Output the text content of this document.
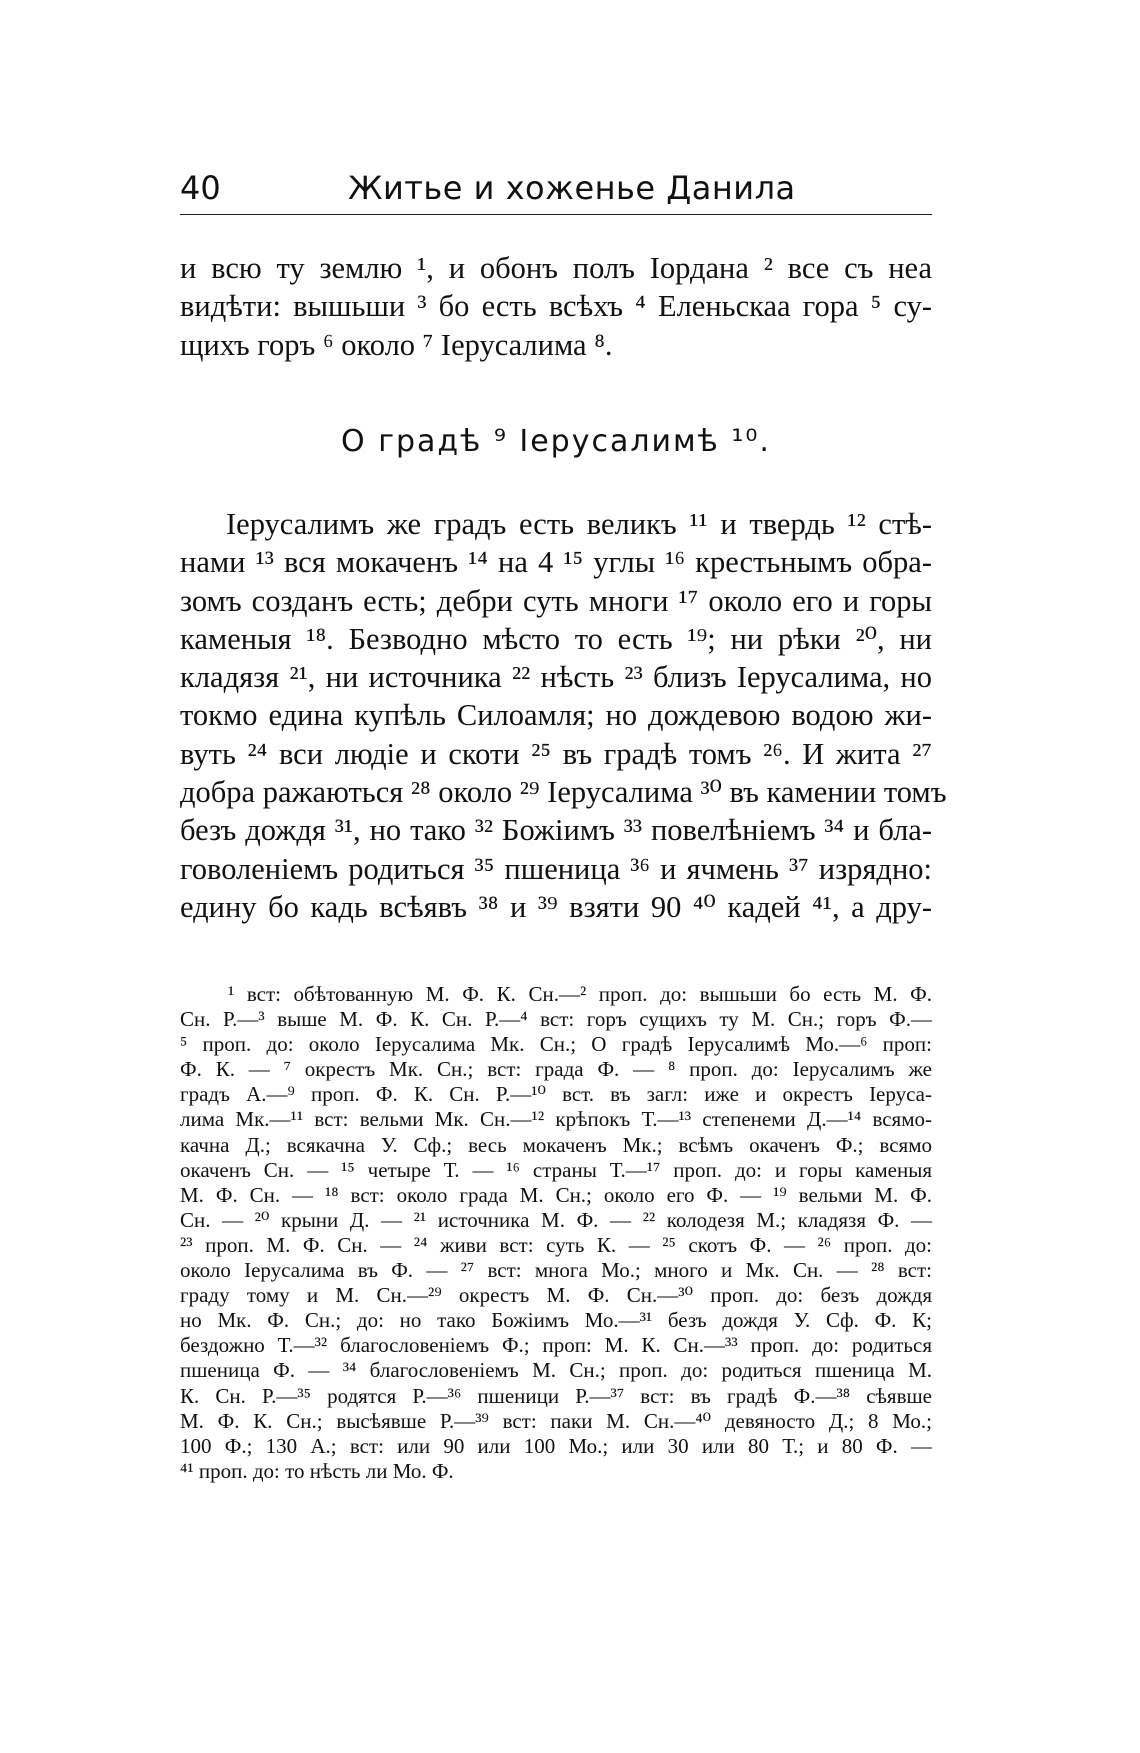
40	Житье и хоженье Данила
и всю ту землю ¹, и обонъ полъ Іордана ² все съ неа
видѣти: вышьши ³ бо есть всѣхъ ⁴ Еленьскаа гора ⁵ су-
щихъ горъ ⁶ около ⁷ Іерусалима ⁸.
О градѣ ⁹ Іерусалимѣ ¹⁰.
Іерусалимъ же градъ есть великъ ¹¹ и твердь ¹² стѣ-
нами ¹³ вся мокаченъ ¹⁴ на 4 ¹⁵ углы ¹⁶ крестьнымъ обра-
зомъ созданъ есть; дебри суть многи ¹⁷ около его и горы
каменыя ¹⁸. Безводно мѣсто то есть ¹⁹; ни рѣки ²⁰, ни
кладязя ²¹, ни источника ²² нѣсть ²³ близъ Іерусалима, но
токмо едина купѣль Силоамля; но дождевою водою жи-
вуть ²⁴ вси людіе и скоти ²⁵ въ градѣ томъ ²⁶. И жита ²⁷
добра ражаються ²⁸ около ²⁹ Іерусалима ³⁰ въ камении томъ
безъ дождя ³¹, но тако ³² Божіимъ ³³ повелѣніемъ ³⁴ и бла-
говоленіемъ родиться ³⁵ пшеница ³⁶ и ячмень ³⁷ изрядно:
едину бо кадь всѣявъ ³⁸ и ³⁹ взяти 90 ⁴⁰ кадей ⁴¹, а дру-
¹ вст: обѣтованную М. Ф. К. Сн.—² проп. до: вышьши бо есть М. Ф.
Сн. Р.—³ выше М. Ф. К. Сн. Р.—⁴ вст: горъ сущихъ ту М. Сн.; горъ Ф.—
⁵ проп. до: около Іерусалима Мк. Сн.; О градѣ Іерусалимѣ Мо.—⁶ проп:
Ф. К. — ⁷ окрестъ Мк. Сн.; вст: града Ф. — ⁸ проп. до: Іерусалимъ же
градъ А.—⁹ проп. Ф. К. Сн. Р.—¹⁰ вст. въ загл: иже и окрестъ Іеруса-
лима Мк.—¹¹ вст: вельми Мк. Сн.—¹² крѣпокъ Т.—¹³ степенеми Д.—¹⁴ всямо-
качна Д.; всякачна У. Сф.; весь мокаченъ Мк.; всѣмъ окаченъ Ф.; всямо
окаченъ Сн. — ¹⁵ четыре Т. — ¹⁶ страны Т.—¹⁷ проп. до: и горы каменыя
М. Ф. Сн. — ¹⁸ вст: около града М. Сн.; около его Ф. — ¹⁹ вельми М. Ф.
Сн. — ²⁰ крыни Д. — ²¹ источника М. Ф. — ²² колодезя М.; кладязя Ф. —
²³ проп. М. Ф. Сн. — ²⁴ живи вст: суть К. — ²⁵ скотъ Ф. — ²⁶ проп. до:
около Іерусалима въ Ф. — ²⁷ вст: многа Мо.; много и Мк. Сн. — ²⁸ вст:
граду тому и М. Сн.—²⁹ окрестъ М. Ф. Сн.—³⁰ проп. до: безъ дождя
но Мк. Ф. Сн.; до: но тако Божіимъ Мо.—³¹ безъ дождя У. Сф. Ф. К;
бездожно Т.—³² благословеніемъ Ф.; проп: М. К. Сн.—³³ проп. до: родиться
пшеница Ф. — ³⁴ благословеніемъ М. Сн.; проп. до: родиться пшеница М.
К. Сн. Р.—³⁵ родятся Р.—³⁶ пшеници Р.—³⁷ вст: въ градѣ Ф.—³⁸ сѣявше
М. Ф. К. Сн.; высѣявше Р.—³⁹ вст: паки М. Сн.—⁴⁰ девяносто Д.; 8 Мо.;
100 Ф.; 130 А.; вст: или 90 или 100 Мо.; или 30 или 80 Т.; и 80 Ф. —
⁴¹ проп. до: то нѣсть ли Мо. Ф.
